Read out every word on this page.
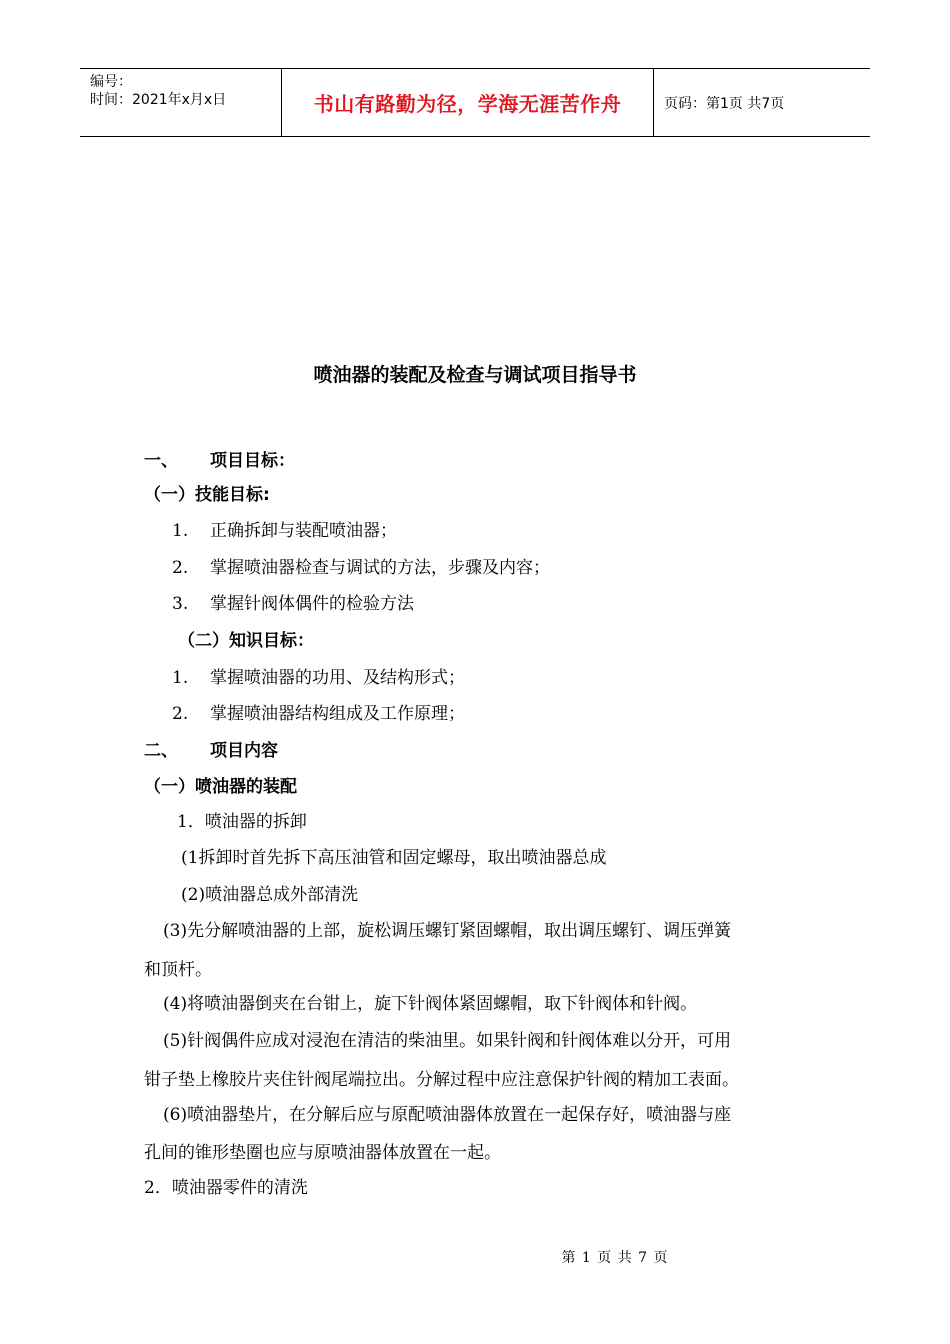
编号：
时间：2021年x月x日	书山有路勤为径，学海无涯苦作舟	页码：第1页 共7页
喷油器的装配及检查与调试项目指导书
一、 项目目标：
（一）技能目标:
1. 正确拆卸与装配喷油器；
2. 掌握喷油器检查与调试的方法，步骤及内容；
3. 掌握针阀体偶件的检验方法
（二）知识目标：
1. 掌握喷油器的功用、及结构形式；
2. 掌握喷油器结构组成及工作原理；
二、 项目内容
（一）喷油器的装配
1．喷油器的拆卸
(1拆卸时首先拆下高压油管和固定螺母，取出喷油器总成
(2)喷油器总成外部清洗
(3)先分解喷油器的上部，旋松调压螺钉紧固螺帽，取出调压螺钉、调压弹簧
和顶杆。
(4)将喷油器倒夹在台钳上，旋下针阀体紧固螺帽，取下针阀体和针阀。
(5)针阀偶件应成对浸泡在清洁的柴油里。如果针阀和针阀体难以分开，可用
钳子垫上橡胶片夹住针阀尾端拉出。分解过程中应注意保护针阀的精加工表面。
(6)喷油器垫片，在分解后应与原配喷油器体放置在一起保存好，喷油器与座
孔间的锥形垫圈也应与原喷油器体放置在一起。
2．喷油器零件的清洗
第 1 页 共 7 页
